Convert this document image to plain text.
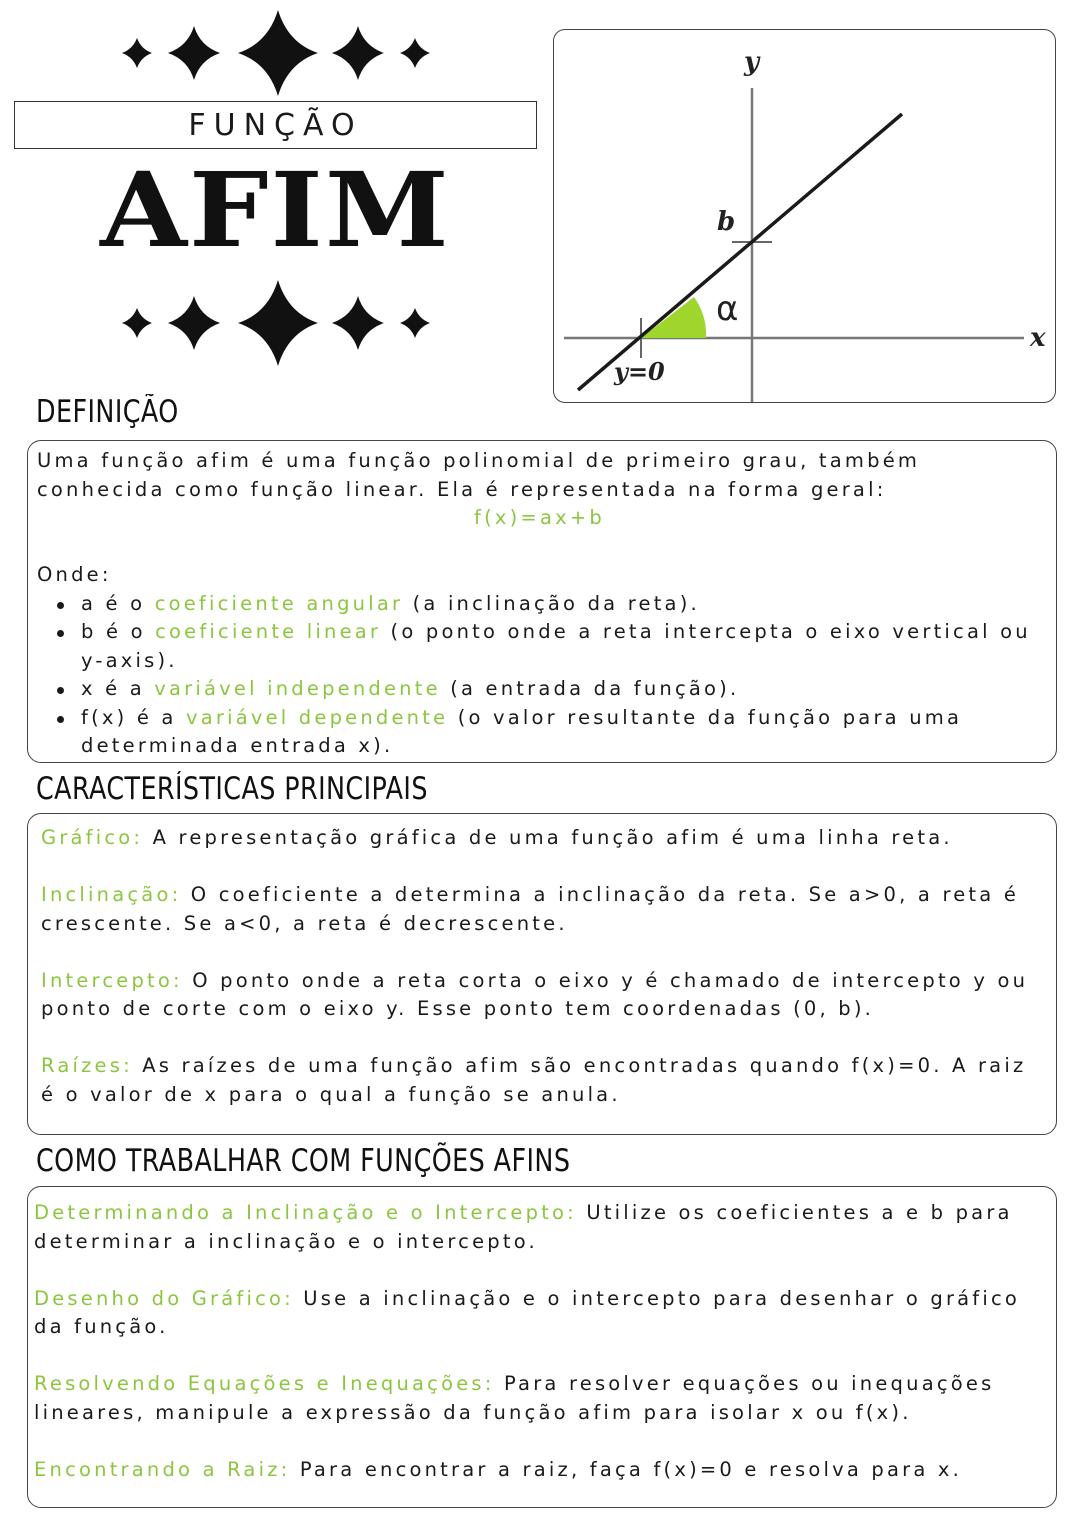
FUNÇÃO
AFIM
y
x
b
α
y=0
DEFINIÇÃO
Uma função afim é uma função polinomial de primeiro grau, também conhecida como função linear. Ela é representada na forma geral:
f(x)=ax+b
Onde:
a é o coeficiente angular (a inclinação da reta).
b é o coeficiente linear (o ponto onde a reta intercepta o eixo vertical ou y-axis).
x é a variável independente (a entrada da função).
f(x) é a variável dependente (o valor resultante da função para uma determinada entrada x).
CARACTERÍSTICAS PRINCIPAIS

Gráfico: A representação gráfica de uma função afim é uma linha reta.

Inclinação: O coeficiente a determina a inclinação da reta. Se a>0, a reta é crescente. Se a<0, a reta é decrescente.

Intercepto: O ponto onde a reta corta o eixo y é chamado de intercepto y ou ponto de corte com o eixo y. Esse ponto tem coordenadas (0, b).

Raízes: As raízes de uma função afim são encontradas quando f(x)=0. A raiz é o valor de x para o qual a função se anula.

COMO TRABALHAR COM FUNÇÕES AFINS

Determinando a Inclinação e o Intercepto: Utilize os coeficientes a e b para determinar a inclinação e o intercepto.

Desenho do Gráfico: Use a inclinação e o intercepto para desenhar o gráfico da função.

Resolvendo Equações e Inequações: Para resolver equações ou inequações lineares, manipule a expressão da função afim para isolar x ou f(x).

Encontrando a Raiz: Para encontrar a raiz, faça f(x)=0 e resolva para x.
